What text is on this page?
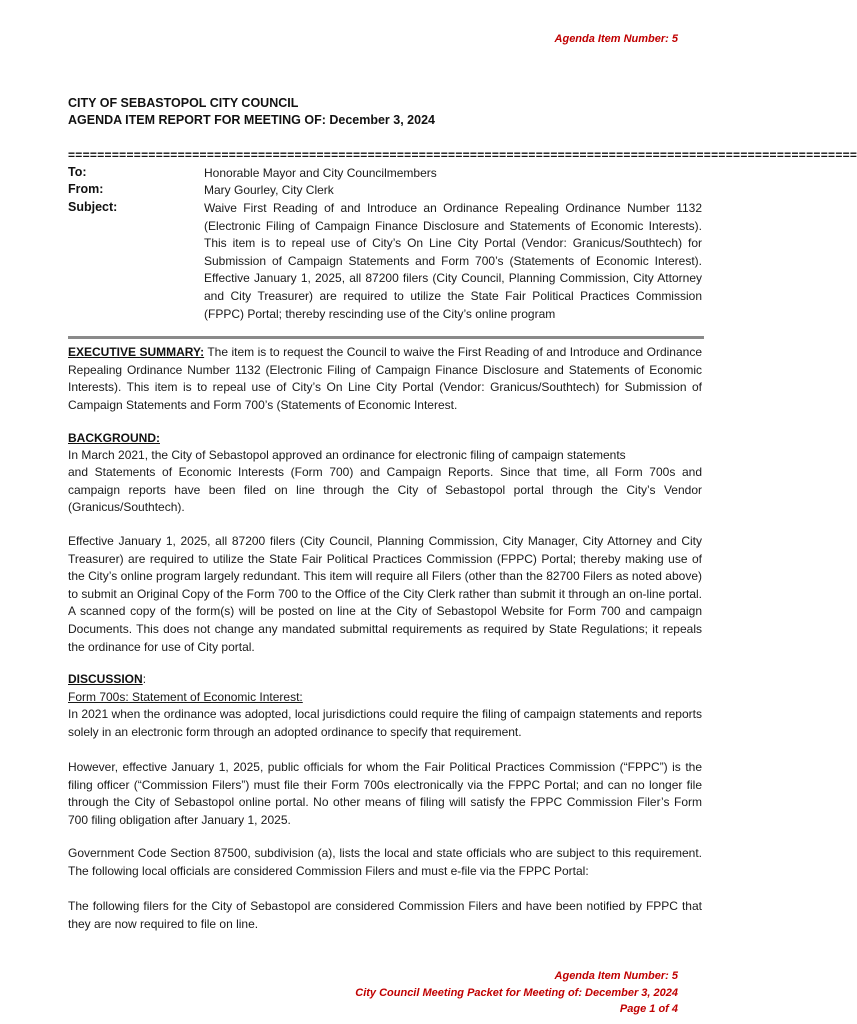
Agenda Item Number: 5
CITY OF SEBASTOPOL CITY COUNCIL
AGENDA ITEM REPORT FOR MEETING OF: December 3, 2024
============================================================================================================
To:	Honorable Mayor and City Councilmembers
From:	Mary Gourley, City Clerk
Subject:	Waive First Reading of and Introduce an Ordinance Repealing Ordinance Number 1132 (Electronic Filing of Campaign Finance Disclosure and Statements of Economic Interests). This item is to repeal use of City’s On Line City Portal (Vendor: Granicus/Southtech) for Submission of Campaign Statements and Form 700’s (Statements of Economic Interest). Effective January 1, 2025, all 87200 filers (City Council, Planning Commission, City Attorney and City Treasurer) are required to utilize the State Fair Political Practices Commission (FPPC) Portal; thereby rescinding use of the City’s online program
EXECUTIVE SUMMARY: The item is to request the Council to waive the First Reading of and Introduce and Ordinance Repealing Ordinance Number 1132 (Electronic Filing of Campaign Finance Disclosure and Statements of Economic Interests). This item is to repeal use of City’s On Line City Portal (Vendor: Granicus/Southtech) for Submission of Campaign Statements and Form 700’s (Statements of Economic Interest.
BACKGROUND:
In March 2021, the City of Sebastopol approved an ordinance for electronic filing of campaign statements
and Statements of Economic Interests (Form 700) and Campaign Reports. Since that time, all Form 700s and campaign reports have been filed on line through the City of Sebastopol portal through the City’s Vendor (Granicus/Southtech).
Effective January 1, 2025, all 87200 filers (City Council, Planning Commission, City Manager, City Attorney and City Treasurer) are required to utilize the State Fair Political Practices Commission (FPPC) Portal; thereby making use of the City’s online program largely redundant. This item will require all Filers (other than the 82700 Filers as noted above) to submit an Original Copy of the Form 700 to the Office of the City Clerk rather than submit it through an on-line portal. A scanned copy of the form(s) will be posted on line at the City of Sebastopol Website for Form 700 and campaign Documents. This does not change any mandated submittal requirements as required by State Regulations; it repeals the ordinance for use of City portal.
DISCUSSION:
Form 700s: Statement of Economic Interest:
In 2021 when the ordinance was adopted, local jurisdictions could require the filing of campaign statements and reports solely in an electronic form through an adopted ordinance to specify that requirement.
However, effective January 1, 2025, public officials for whom the Fair Political Practices Commission (“FPPC”) is the filing officer (“Commission Filers”) must file their Form 700s electronically via the FPPC Portal; and can no longer file through the City of Sebastopol online portal. No other means of filing will satisfy the FPPC Commission Filer’s Form 700 filing obligation after January 1, 2025.
Government Code Section 87500, subdivision (a), lists the local and state officials who are subject to this requirement. The following local officials are considered Commission Filers and must e-file via the FPPC Portal:
The following filers for the City of Sebastopol are considered Commission Filers and have been notified by FPPC that they are now required to file on line.
Agenda Item Number: 5
City Council Meeting Packet for Meeting of: December 3, 2024
Page 1 of 4
